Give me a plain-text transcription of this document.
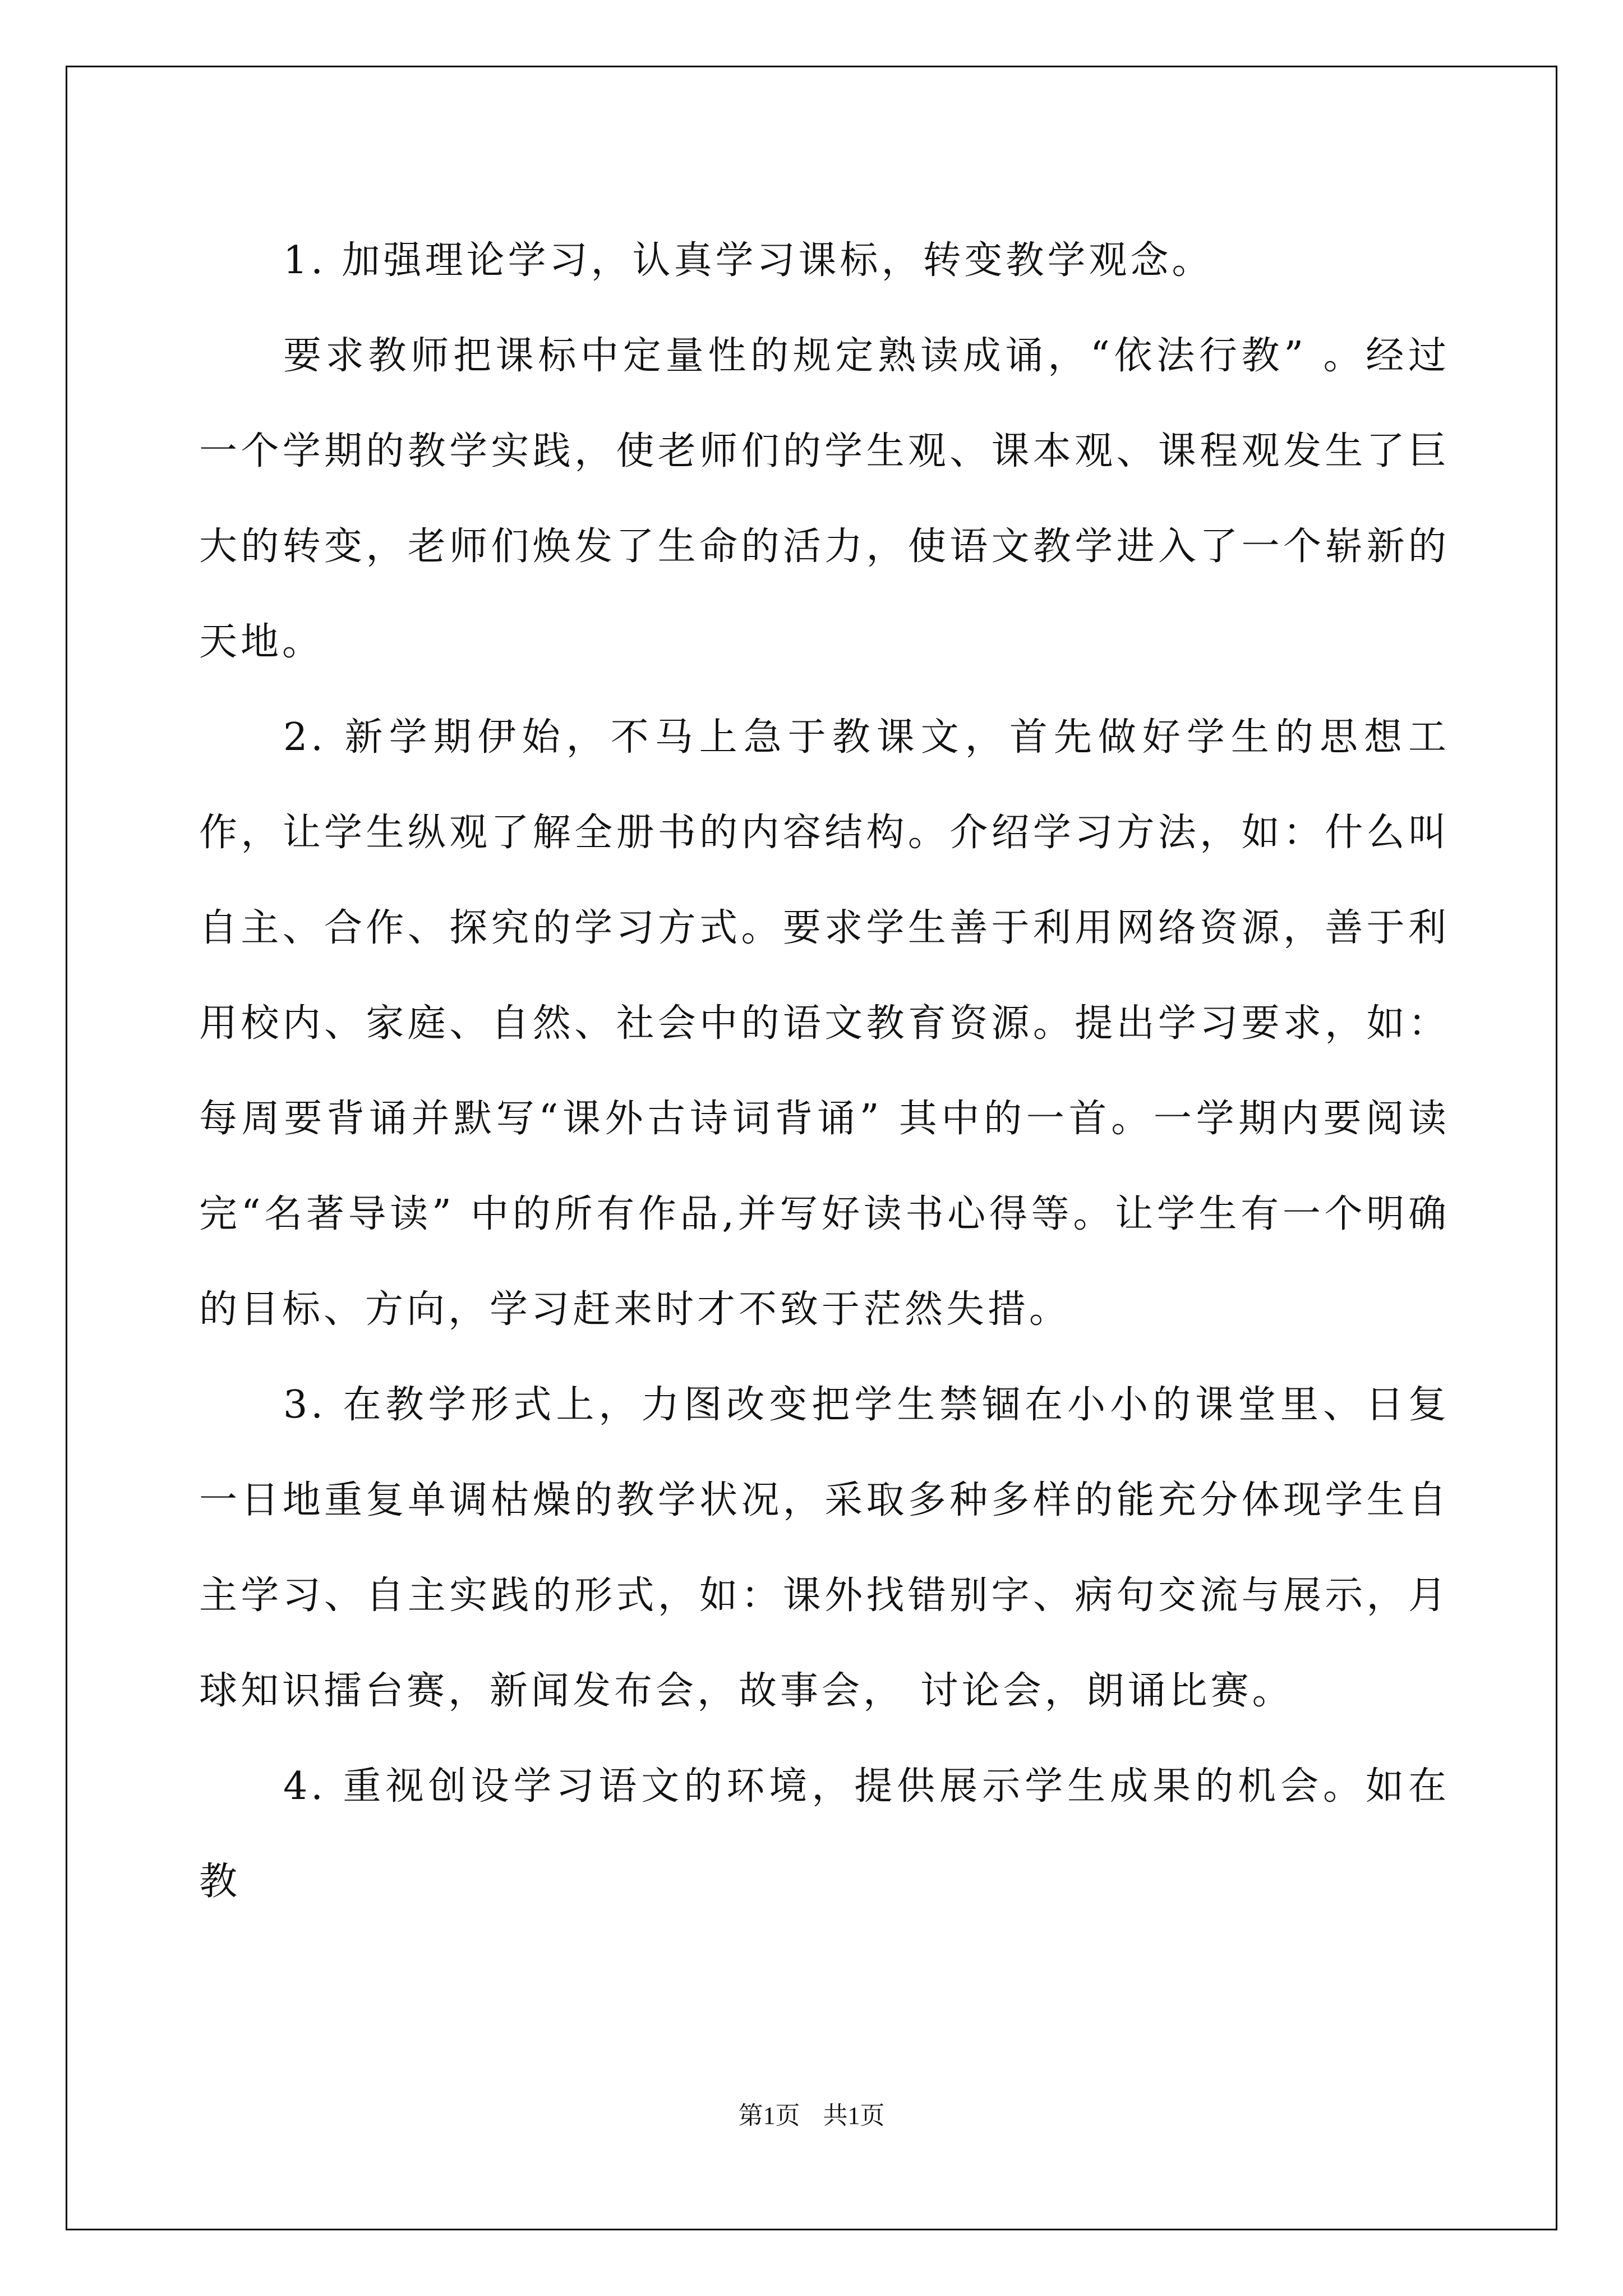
1. 加强理论学习，认真学习课标，转变教学观念。

要求教师把课标中定量性的规定熟读成诵，“依法行教” 。经过一个学期的教学实践，使老师们的学生观、课本观、课程观发生了巨大的转变，老师们焕发了生命的活力，使语文教学进入了一个崭新的天地。

2. 新学期伊始，不马上急于教课文，首先做好学生的思想工作，让学生纵观了解全册书的内容结构。介绍学习方法，如：什么叫自主、合作、探究的学习方式。要求学生善于利用网络资源，善于利用校内、家庭、自然、社会中的语文教育资源。提出学习要求，如：每周要背诵并默写“课外古诗词背诵” 其中的一首。一学期内要阅读完“名著导读” 中的所有作品,并写好读书心得等。让学生有一个明确的目标、方向，学习赶来时才不致于茫然失措。

3. 在教学形式上，力图改变把学生禁锢在小小的课堂里、日复一日地重复单调枯燥的教学状况，采取多种多样的能充分体现学生自主学习、自主实践的形式，如：课外找错别字、病句交流与展示，月球知识擂台赛，新闻发布会，故事会， 讨论会，朗诵比赛。

4. 重视创设学习语文的环境，提供展示学生成果的机会。如在教

第1页 共1页
